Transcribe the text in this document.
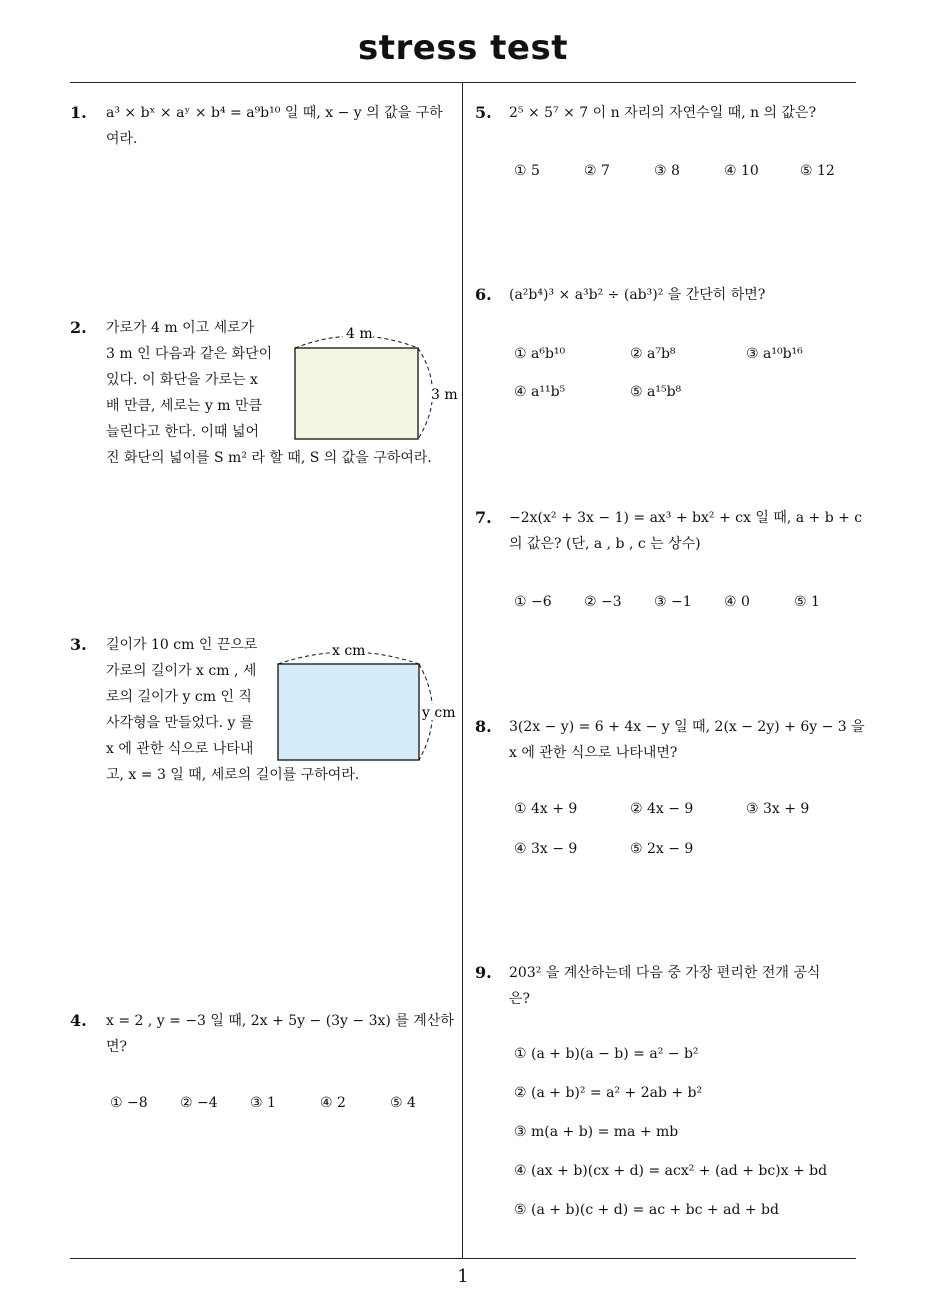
stress test
1
1. a³ × bˣ × aʸ × b⁴ = a⁹b¹⁰ 일 때, x − y 의 값을 구하
여라.
2. 가로가 4 m 이고 세로가
3 m 인 다음과 같은 화단이
있다. 이 화단을 가로는 x
배 만큼, 세로는 y m 만큼
늘린다고 한다. 이때 넓어
진 화단의 넓이를 S m² 라 할 때, S 의 값을 구하여라.
4 m
3 m
3. 길이가 10 cm 인 끈으로
가로의 길이가 x cm , 세
로의 길이가 y cm 인 직
사각형을 만들었다. y 를
x 에 관한 식으로 나타내
고, x = 3 일 때, 세로의 길이를 구하여라.
x cm
y cm
4. x = 2 , y = −3 일 때, 2x + 5y − (3y − 3x) 를 계산하
면?
① −8 ② −4 ③ 1	④ 2	⑤ 4
5. 2⁵ × 5⁷ × 7 이 n 자리의 자연수일 때, n 의 값은?
① 5	② 7	③ 8	④ 10	⑤ 12
6. (a²b⁴)³ × a³b² ÷ (ab³)² 을 간단히 하면?
① a⁶b¹⁰	② a⁷b⁸	③ a¹⁰b¹⁶
④ a¹¹b⁵	⑤ a¹⁵b⁸
7. −2x(x² + 3x − 1) = ax³ + bx² + cx 일 때, a + b + c
의 값은? (단, a , b , c 는 상수)
① −6 ② −3 ③ −1 ④ 0	⑤ 1
8. 3(2x − y) = 6 + 4x − y 일 때, 2(x − 2y) + 6y − 3 을
x 에 관한 식으로 나타내면?
① 4x + 9	② 4x − 9	③ 3x + 9
④ 3x − 9	⑤ 2x − 9
9. 203² 을 계산하는데 다음 중 가장 편리한 전개 공식
은?
① (a + b)(a − b) = a² − b²
② (a + b)² = a² + 2ab + b²
③ m(a + b) = ma + mb
④ (ax + b)(cx + d) = acx² + (ad + bc)x + bd
⑤ (a + b)(c + d) = ac + bc + ad + bd
